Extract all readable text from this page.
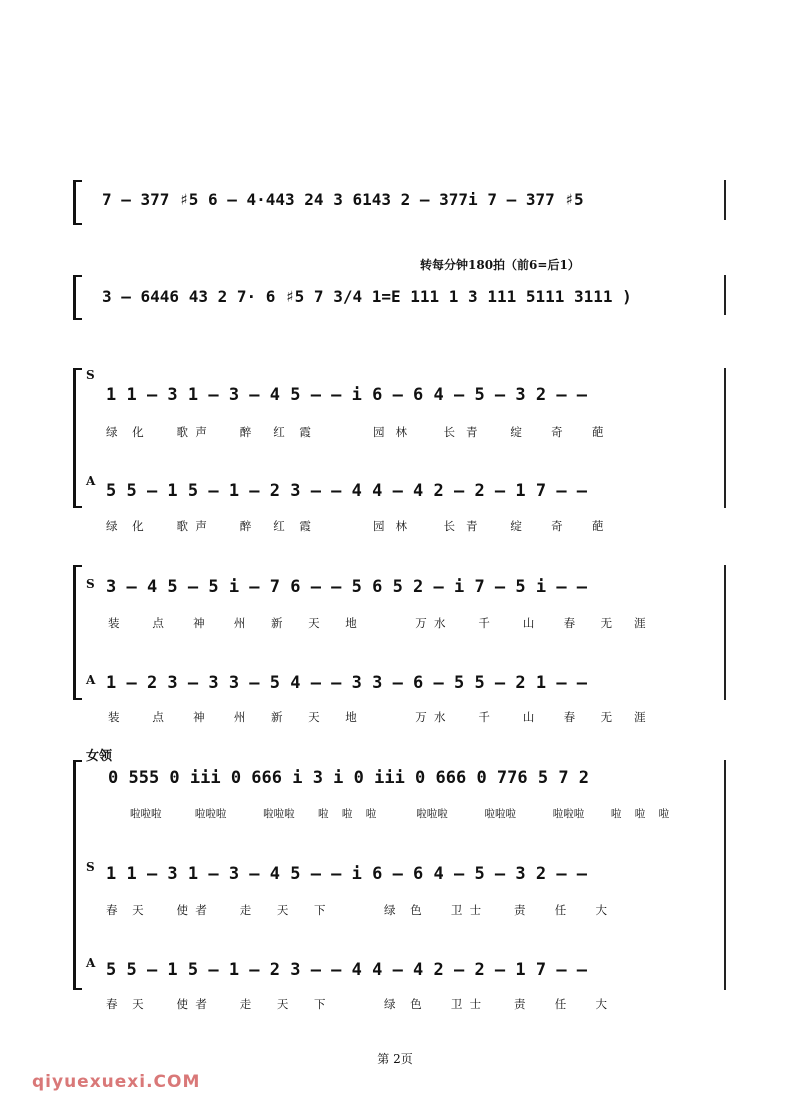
7 – 377 ♯5 6 – 4·443 24 3 6143 2 – 377i 7 – 377 ♯5
转每分钟180拍（前6=后1）
3 – 6446 43 2 7· 6 ♯5 7 3/4 1=E 111 1 3 111 5111 3111 )
S
1 1 – 3 1 – 3 – 4 5 – – i 6 – 6 4 – 5 – 3 2 – –
绿 化	歌 声	醉 红 霞	园 林	长 青	绽	奇	葩
A 5 5 – 1 5 – 1 – 2 3 – – 4 4 – 4 2 – 2 – 1 7 – –
绿 化	歌 声	醉 红 霞	园 林	长 青	绽	奇	葩
S 3 – 4 5 – 5 i – 7 6 – – 5 6 5 2 – i 7 – 5 i – –
装	点	神	州 新 天 地	万 水	千	山	春 无 涯
A 1 – 2 3 – 3 3 – 5 4 – – 3 3 – 6 – 5 5 – 2 1 – –
装	点	神	州 新 天 地	万 水	千	山	春 无 涯
女领
0 555 0 iii 0 666 i 3 i 0 iii 0 666 0 776 5 7 2
啦啦啦	啦啦啦	啦啦啦 啦 啦 啦	啦啦啦	啦啦啦	啦啦啦	啦 啦 啦
S 1 1 – 3 1 – 3 – 4 5 – – i 6 – 6 4 – 5 – 3 2 – –
春 天	使 者	走 天 下	绿 色	卫 士	责	任	大
A 5 5 – 1 5 – 1 – 2 3 – – 4 4 – 4 2 – 2 – 1 7 – –
春 天	使 者	走 天 下	绿 色	卫 士	责	任	大
第 2页
qiyuexuexi.COM
